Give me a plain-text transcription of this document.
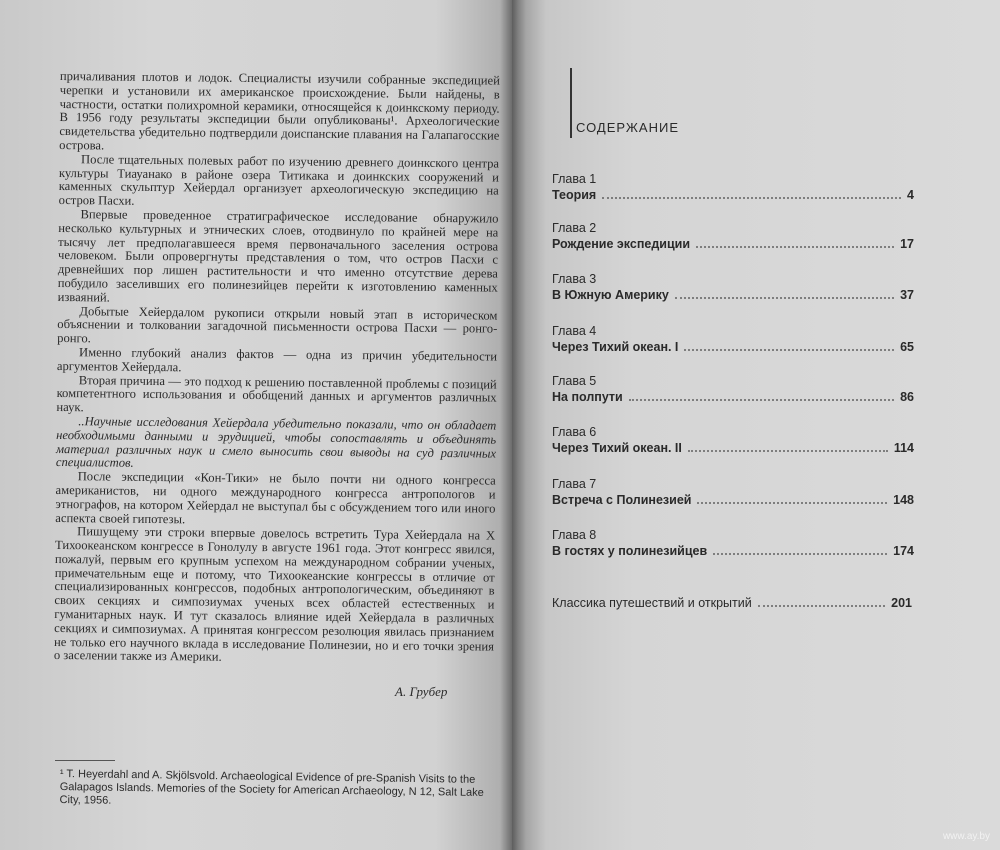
причаливания плотов и лодок. Специалисты изучили собранные экспедицией черепки и установили их американское происхождение. Были найдены, в частности, остатки полихромной керамики, относящейся к доинкскому периоду. В 1956 году результаты экспедиции были опубликованы¹. Археологические свидетельства убедительно подтвердили доиспанские плавания на Галапагосские острова.

После тщательных полевых работ по изучению древнего доинкского центра культуры Тиауанако в районе озера Титикака и доинкских сооружений и каменных скульптур Хейердал организует археологическую экспедицию на остров Пасхи.

Впервые проведенное стратиграфическое исследование обнаружило несколько культурных и этнических слоев, отодвинуло по крайней мере на тысячу лет предполагавшееся время первоначального заселения острова человеком. Были опровергнуты представления о том, что остров Пасхи с древнейших пор лишен растительности и что именно отсутствие дерева побудило заселивших его полинезийцев перейти к изготовлению каменных изваяний.

Добытые Хейердалом рукописи открыли новый этап в историческом объяснении и толковании загадочной письменности острова Пасхи — ронго-ронго.

Именно глубокий анализ фактов — одна из причин убедительности аргументов Хейердала.

Вторая причина — это подход к решению поставленной проблемы с позиций компетентного использования и обобщений данных и аргументов различных наук.

..Научные исследования Хейердала убедительно показали, что он обладает необходимыми данными и эрудицией, чтобы сопоставлять и объединять материал различных наук и смело выносить свои выводы на суд различных специалистов.

После экспедиции «Кон-Тики» не было почти ни одного конгресса американистов, ни одного международного конгресса антропологов и этнографов, на котором Хейердал не выступал бы с обсуждением того или иного аспекта своей гипотезы.

Пишущему эти строки впервые довелось встретить Тура Хейердала на X Тихоокеанском конгрессе в Гонолулу в августе 1961 года. Этот конгресс явился, пожалуй, первым его крупным успехом на международном собрании ученых, примечательным еще и потому, что Тихоокеанские конгрессы в отличие от специализированных конгрессов, подобных антропологическим, объединяют в своих секциях и симпозиумах ученых всех областей естественных и гуманитарных наук. И тут сказалось влияние идей Хейердала в различных секциях и симпозиумах. А принятая конгрессом резолюция явилась признанием не только его научного вклада в исследование Полинезии, но и его точки зрения о заселении также из Америки.

А. Грубер
¹ T. Heyerdahl and A. Skjölsvold. Archaeological Evidence of pre-Spanish Visits to the Galapagos Islands. Memories of the Society for American Archaeology, N 12, Salt Lake City, 1956.
СОДЕРЖАНИЕ
Глава 1
Теория	4
Глава 2
Рождение экспедиции	17
Глава 3
В Южную Америку	37
Глава 4
Через Тихий океан. I	65
Глава 5
На полпути	86
Глава 6
Через Тихий океан. II	114
Глава 7
Встреча с Полинезией	148
Глава 8
В гостях у полинезийцев	174
Классика путешествий и открытий	201
www.ay.by
